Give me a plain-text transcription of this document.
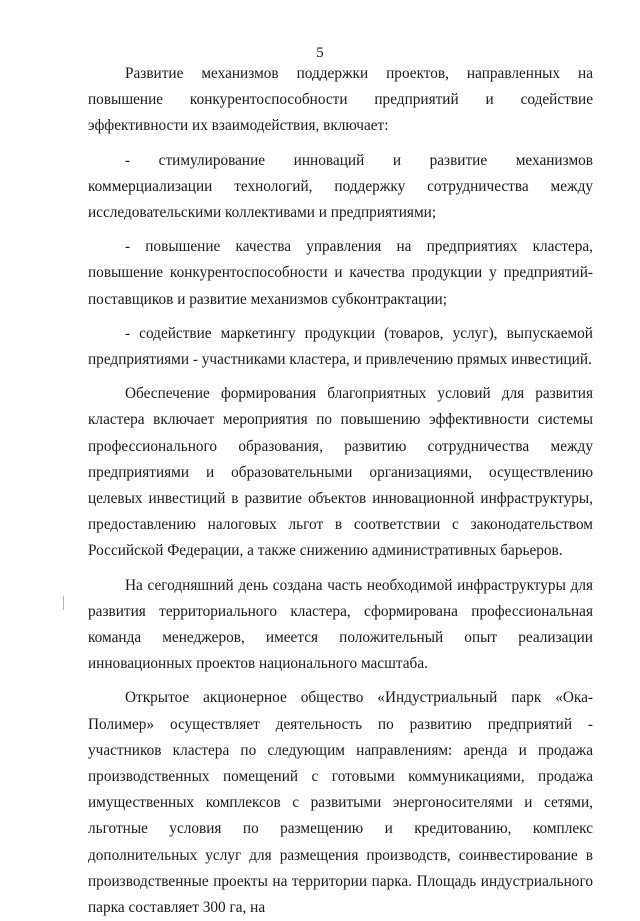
5

Развитие механизмов поддержки проектов, направленных на повышение конкурентоспособности предприятий и содействие эффективности их взаимодействия, включает:

- стимулирование инноваций и развитие механизмов коммерциализации технологий, поддержку сотрудничества между исследовательскими коллективами и предприятиями;

- повышение качества управления на предприятиях кластера, повышение конкурентоспособности и качества продукции у предприятий-поставщиков и развитие механизмов субконтрактации;

- содействие маркетингу продукции (товаров, услуг), выпускаемой предприятиями - участниками кластера, и привлечению прямых инвестиций.

Обеспечение формирования благоприятных условий для развития кластера включает мероприятия по повышению эффективности системы профессионального образования, развитию сотрудничества между предприятиями и образовательными организациями, осуществлению целевых инвестиций в развитие объектов инновационной инфраструктуры, предоставлению налоговых льгот в соответствии с законодательством Российской Федерации, а также снижению административных барьеров.

На сегодняшний день создана часть необходимой инфраструктуры для развития территориального кластера, сформирована профессиональная команда менеджеров, имеется положительный опыт реализации инновационных проектов национального масштаба.

Открытое акционерное общество «Индустриальный парк «Ока-Полимер» осуществляет деятельность по развитию предприятий - участников кластера по следующим направлениям: аренда и продажа производственных помещений с готовыми коммуникациями, продажа имущественных комплексов с развитыми энергоносителями и сетями, льготные условия по размещению и кредитованию, комплекс дополнительных услуг для размещения производств, соинвестирование в производственные проекты на территории парка. Площадь индустриального парка составляет 300 га, на
